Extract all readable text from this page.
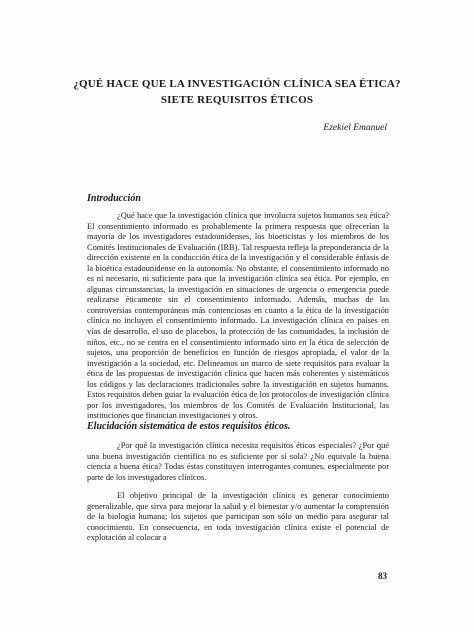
¿QUÉ HACE QUE LA INVESTIGACIÓN CLÍNICA SEA ÉTICA?
SIETE REQUISITOS ÉTICOS
Ezekiel Emanuel
Introducción

¿Qué hace que la investigación clínica que involucra sujetos humanos sea ética? El consentimiento informado es probablemente la primera respuesta que ofrecerían la mayoría de los investigadores estadounidenses, los bioeticistas y los miembros de los Comités Institucionales de Evaluación (IRB). Tal respuesta refleja la preponderancia de la dirección existente en la conducción ética de la investigación y el considerable énfasis de la bioética estadounidense en la autonomía. No obstante, el consentimiento informado no es ni necesario, ni suficiente para que la investigación clínica sea ética. Por ejemplo, en algunas circunstancias, la investigación en situaciones de urgencia o emergencia puede realizarse éticamente sin el consentimiento informado. Además, muchas de las controversias contemporáneas más contenciosas en cuanto a la ética de la investigación clínica no incluyen el consentimiento informado. La investigación clínica en países en vías de desarrollo, el uso de placebos, la protección de las comunidades, la inclusión de niños, etc., no se centra en el consentimiento informado sino en la ética de selección de sujetos, una proporción de beneficios en función de riesgos apropiada, el valor de la investigación a la sociedad, etc. Delineamos un marco de siete requisitos para evaluar la ética de las propuestas de investigación clínica que hacen más coherentes y sistemáticos los códigos y las declaraciones tradicionales sobre la investigación en sujetos humanos. Estos requisitos deben guiar la evaluación ética de los protocolos de investigación clínica por los investigadores, los miembros de los Comités de Evaluación Institucional, las instituciones que financian investigaciones y otros.

Elucidación sistemática de estos requisitos éticos.

¿Por qué la investigación clínica necesita requisitos éticos especiales? ¿Por qué una buena investigación científica no es suficiente por sí sola? ¿No equivale la buena ciencia a buena ética? Todas éstas constituyen interrogantes comunes, especialmente por parte de los investigadores clínicos.

El objetivo principal de la investigación clínica es generar conocimiento generalizable, que sirva para mejorar la salud y el bienestar y/o aumentar la comprensión de la biología humana; los sujetos que participan son sólo un medio para asegurar tal conocimiento. En consecuencia, en toda investigación clínica existe el potencial de explotación al colocar a

83
